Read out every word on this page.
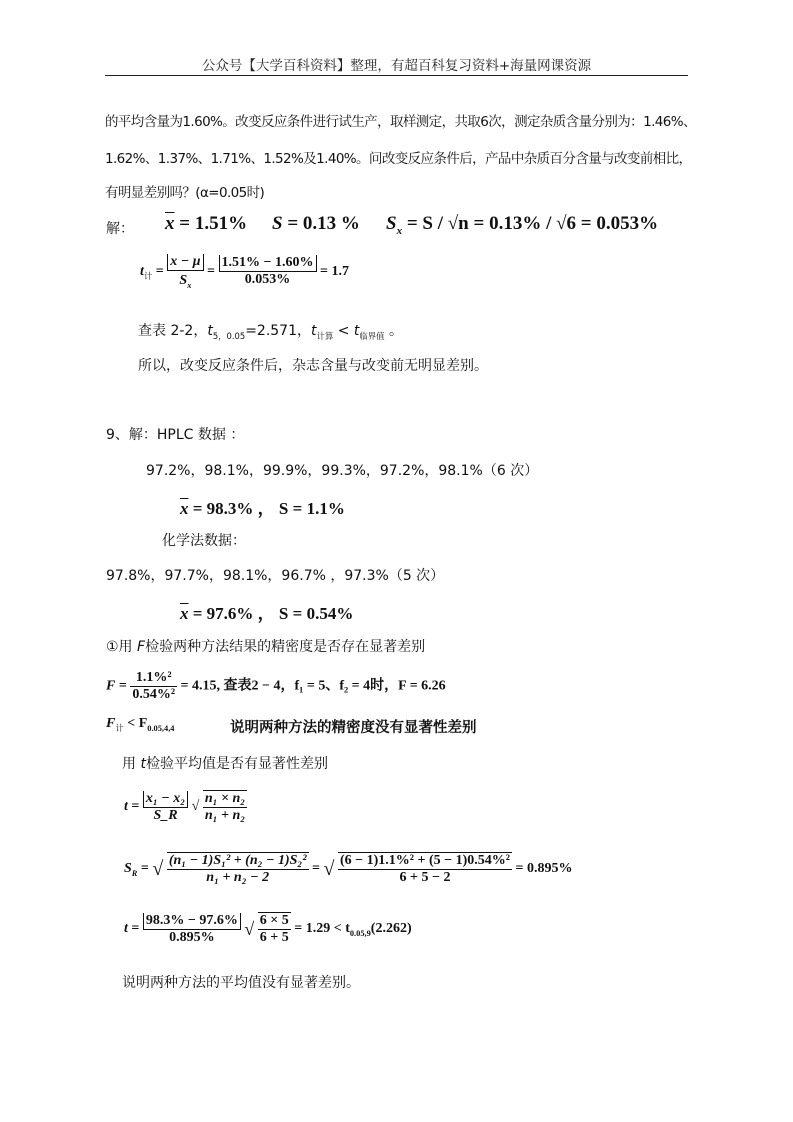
公众号【大学百科资料】整理，有超百科复习资料+海量网课资源
的平均含量为1.60%。改变反应条件进行试生产，取样测定，共取6次，测定杂质含量分别为：1.46%、
1.62%、1.37%、1.71%、1.52%及1.40%。问改变反应条件后，产品中杂质百分含量与改变前相比，
有明显差别吗？(α=0.05时)
解： $\overline{x} = 1.51\%$ S = 0.13 % $S_x = S / √n = 0.13\% / √6 = 0.053\%$
$t_计 = \frac{x - \mu}{S_x} = \frac{1.51\% - 1.60\%}{0.053\%} = 1.7$
查表 2-2，$t_{5,0.05}=2.571$，$t_{计算} < t_{临界值}$ 。
所以，改变反应条件后，杂志含量与改变前无明显差别。
9、解：HPLC 数据 ：
97.2%，98.1%，99.9%，99.3%，97.2%，98.1%（6 次）
$\overline{x} = 98.3\%$ ， S = 1.1%
化学法数据：
97.8%，97.7%，98.1%，96.7% ，97.3%（5 次）
$\overline{x} = 97.6\%$ ， S = 0.54%
①用 F检验两种方法结果的精密度是否存在显著差别
$F = \frac{\text{1.1\%²}}{\text{0.54\%²}} = 4.15$, 查表2 − 4，f₁ = 5、f₂ = 4时，F = 6.26
$F_计 < F_{0.05,4,4}$	说明两种方法的精密度没有显著性差别
用 t检验平均值是否有显著性差别
$t = \frac{\text{x₁ − x₂}}{S\_R}$ √ $\frac{\text{n₁ × n₂}}{\text{n₁ + n₂}}$
$S_R$ = √ $\frac{\text{(n₁ − 1)S₁² + (n₂ − 1)S₂²}}{\text{n₁ + n₂ − 2}}$ = √ $\frac{\text{(6 − 1)1.1\%² + (5 − 1)0.54\%²}}{6 + 5 - 2} = 0.895\%$
$t = \frac{98.3\% - 97.6\%}{0.895\%}$ √ $\frac{6 \times 5}{6 + 5} = 1.29 < t_{0.05,9}(2.262)$
说明两种方法的平均值没有显著差别。
